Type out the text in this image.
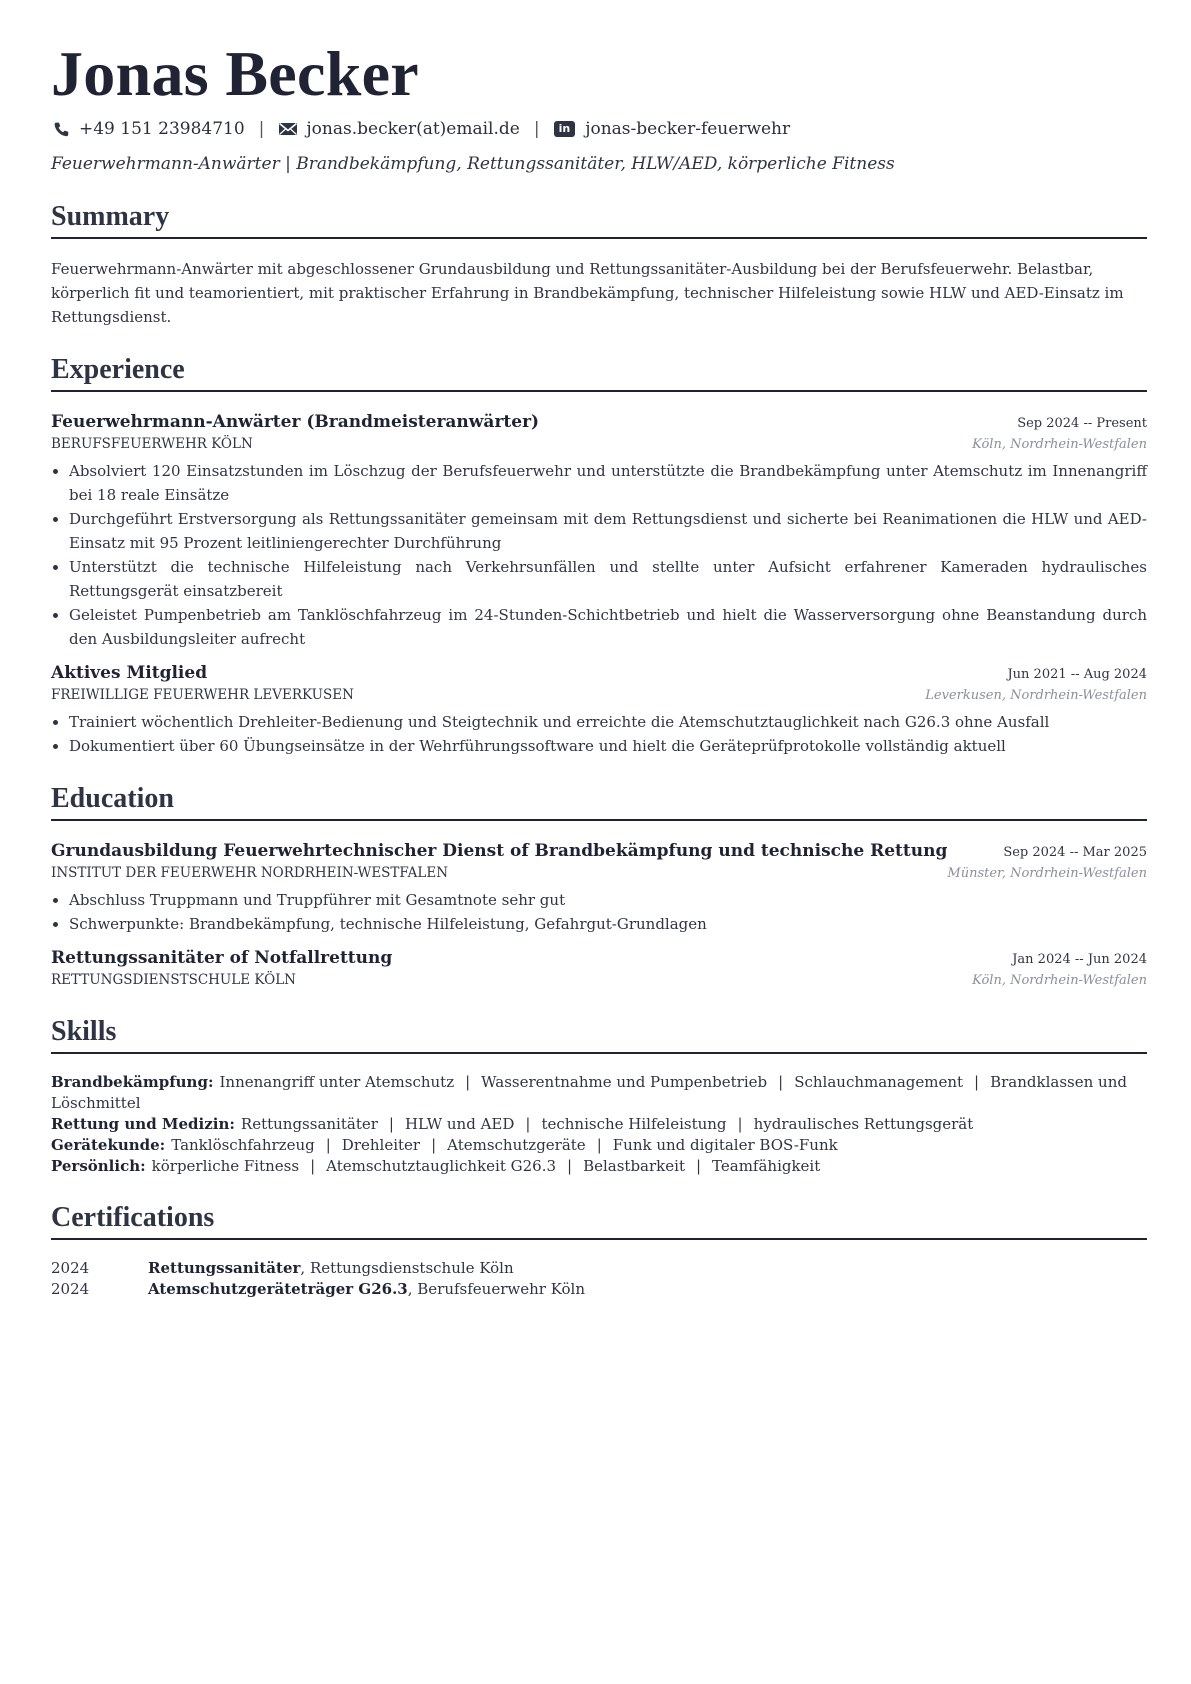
Jonas Becker
+49 151 23984710 | jonas.becker(at)email.de |	in jonas-becker-feuerwehr
Feuerwehrmann-Anwärter | Brandbekämpfung, Rettungssanitäter, HLW/AED, körperliche Fitness
Summary

Feuerwehrmann-Anwärter mit abgeschlossener Grundausbildung und Rettungssanitäter-Ausbildung bei der Berufsfeuerwehr. Belastbar, körperlich fit und teamorientiert, mit praktischer Erfahrung in Brandbekämpfung, technischer Hilfeleistung sowie HLW und AED-Einsatz im Rettungsdienst.

Experience
Feuerwehrmann-Anwärter (Brandmeisteranwärter)	Sep 2024 -- Present
BERUFSFEUERWEHR KÖLN	Köln, Nordrhein-Westfalen
• Absolviert 120 Einsatzstunden im Löschzug der Berufsfeuerwehr und unterstützte die Brandbekämpfung unter Atemschutz im Innenangriff bei 18 reale Einsätze
• Durchgeführt Erstversorgung als Rettungssanitäter gemeinsam mit dem Rettungsdienst und sicherte bei Reanimationen die HLW und AED-Einsatz mit 95 Prozent leitliniengerechter Durchführung
• Unterstützt die technische Hilfeleistung nach Verkehrsunfällen und stellte unter Aufsicht erfahrener Kameraden hydraulisches Rettungsgerät einsatzbereit
• Geleistet Pumpenbetrieb am Tanklöschfahrzeug im 24-Stunden-Schichtbetrieb und hielt die Wasserversorgung ohne Beanstandung durch den Ausbildungsleiter aufrecht
Aktives Mitglied	Jun 2021 -- Aug 2024
FREIWILLIGE FEUERWEHR LEVERKUSEN	Leverkusen, Nordrhein-Westfalen
• Trainiert wöchentlich Drehleiter-Bedienung und Steigtechnik und erreichte die Atemschutztauglichkeit nach G26.3 ohne Ausfall
• Dokumentiert über 60 Übungseinsätze in der Wehrführungssoftware und hielt die Geräteprüfprotokolle vollständig aktuell
Education
Grundausbildung Feuerwehrtechnischer Dienst of Brandbekämpfung und technische Rettung	Sep 2024 -- Mar 2025
INSTITUT DER FEUERWEHR NORDRHEIN-WESTFALEN	Münster, Nordrhein-Westfalen
• Abschluss Truppmann und Truppführer mit Gesamtnote sehr gut
• Schwerpunkte: Brandbekämpfung, technische Hilfeleistung, Gefahrgut-Grundlagen
Rettungssanitäter of Notfallrettung	Jan 2024 -- Jun 2024
RETTUNGSDIENSTSCHULE KÖLN	Köln, Nordrhein-Westfalen
Skills
Brandbekämpfung: Innenangriff unter Atemschutz | Wasserentnahme und Pumpenbetrieb | Schlauchmanagement | Brandklassen und Löschmittel
Rettung und Medizin: Rettungssanitäter | HLW und AED | technische Hilfeleistung | hydraulisches Rettungsgerät
Gerätekunde: Tanklöschfahrzeug | Drehleiter | Atemschutzgeräte | Funk und digitaler BOS-Funk
Persönlich: körperliche Fitness | Atemschutztauglichkeit G26.3 | Belastbarkeit | Teamfähigkeit
Certifications
2024	Rettungssanitäter, Rettungsdienstschule Köln
2024	Atemschutzgeräteträger G26.3, Berufsfeuerwehr Köln
